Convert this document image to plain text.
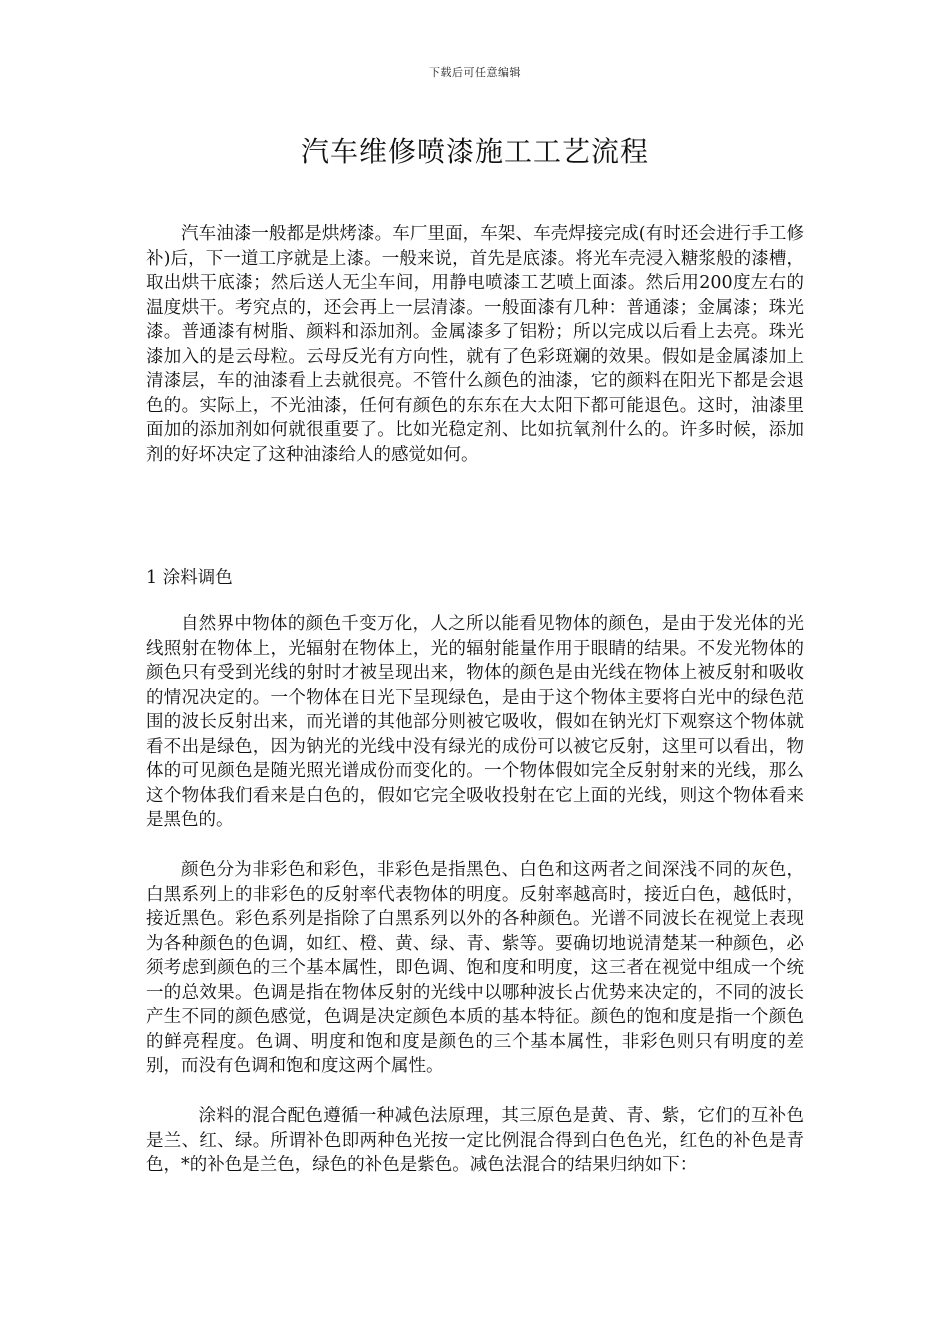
下载后可任意编辑
汽车维修喷漆施工工艺流程

汽车油漆一般都是烘烤漆。车厂里面，车架、车壳焊接完成(有时还会进行手工修补)后，下一道工序就是上漆。一般来说，首先是底漆。将光车壳浸入糖浆般的漆槽，取出烘干底漆；然后送人无尘车间，用静电喷漆工艺喷上面漆。然后用200度左右的温度烘干。考究点的，还会再上一层清漆。一般面漆有几种：普通漆；金属漆；珠光漆。普通漆有树脂、颜料和添加剂。金属漆多了铝粉；所以完成以后看上去亮。珠光漆加入的是云母粒。云母反光有方向性，就有了色彩斑斓的效果。假如是金属漆加上清漆层，车的油漆看上去就很亮。不管什么颜色的油漆，它的颜料在阳光下都是会退色的。实际上，不光油漆，任何有颜色的东东在大太阳下都可能退色。这时，油漆里面加的添加剂如何就很重要了。比如光稳定剂、比如抗氧剂什么的。许多时候，添加剂的好坏决定了这种油漆给人的感觉如何。

1 涂料调色

自然界中物体的颜色千变万化，人之所以能看见物体的颜色，是由于发光体的光线照射在物体上，光辐射在物体上，光的辐射能量作用于眼睛的结果。不发光物体的颜色只有受到光线的射时才被呈现出来，物体的颜色是由光线在物体上被反射和吸收的情况决定的。一个物体在日光下呈现绿色，是由于这个物体主要将白光中的绿色范围的波长反射出来，而光谱的其他部分则被它吸收，假如在钠光灯下观察这个物体就看不出是绿色，因为钠光的光线中没有绿光的成份可以被它反射，这里可以看出，物体的可见颜色是随光照光谱成份而变化的。一个物体假如完全反射射来的光线，那么这个物体我们看来是白色的，假如它完全吸收投射在它上面的光线，则这个物体看来是黑色的。

颜色分为非彩色和彩色，非彩色是指黑色、白色和这两者之间深浅不同的灰色，白黑系列上的非彩色的反射率代表物体的明度。反射率越高时，接近白色，越低时，接近黑色。彩色系列是指除了白黑系列以外的各种颜色。光谱不同波长在视觉上表现为各种颜色的色调，如红、橙、黄、绿、青、紫等。要确切地说清楚某一种颜色，必须考虑到颜色的三个基本属性，即色调、饱和度和明度，这三者在视觉中组成一个统一的总效果。色调是指在物体反射的光线中以哪种波长占优势来决定的，不同的波长产生不同的颜色感觉，色调是决定颜色本质的基本特征。颜色的饱和度是指一个颜色的鲜亮程度。色调、明度和饱和度是颜色的三个基本属性，非彩色则只有明度的差别，而没有色调和饱和度这两个属性。

涂料的混合配色遵循一种减色法原理，其三原色是黄、青、紫，它们的互补色是兰、红、绿。所谓补色即两种色光按一定比例混合得到白色色光，红色的补色是青色，*的补色是兰色，绿色的补色是紫色。减色法混合的结果归纳如下：
